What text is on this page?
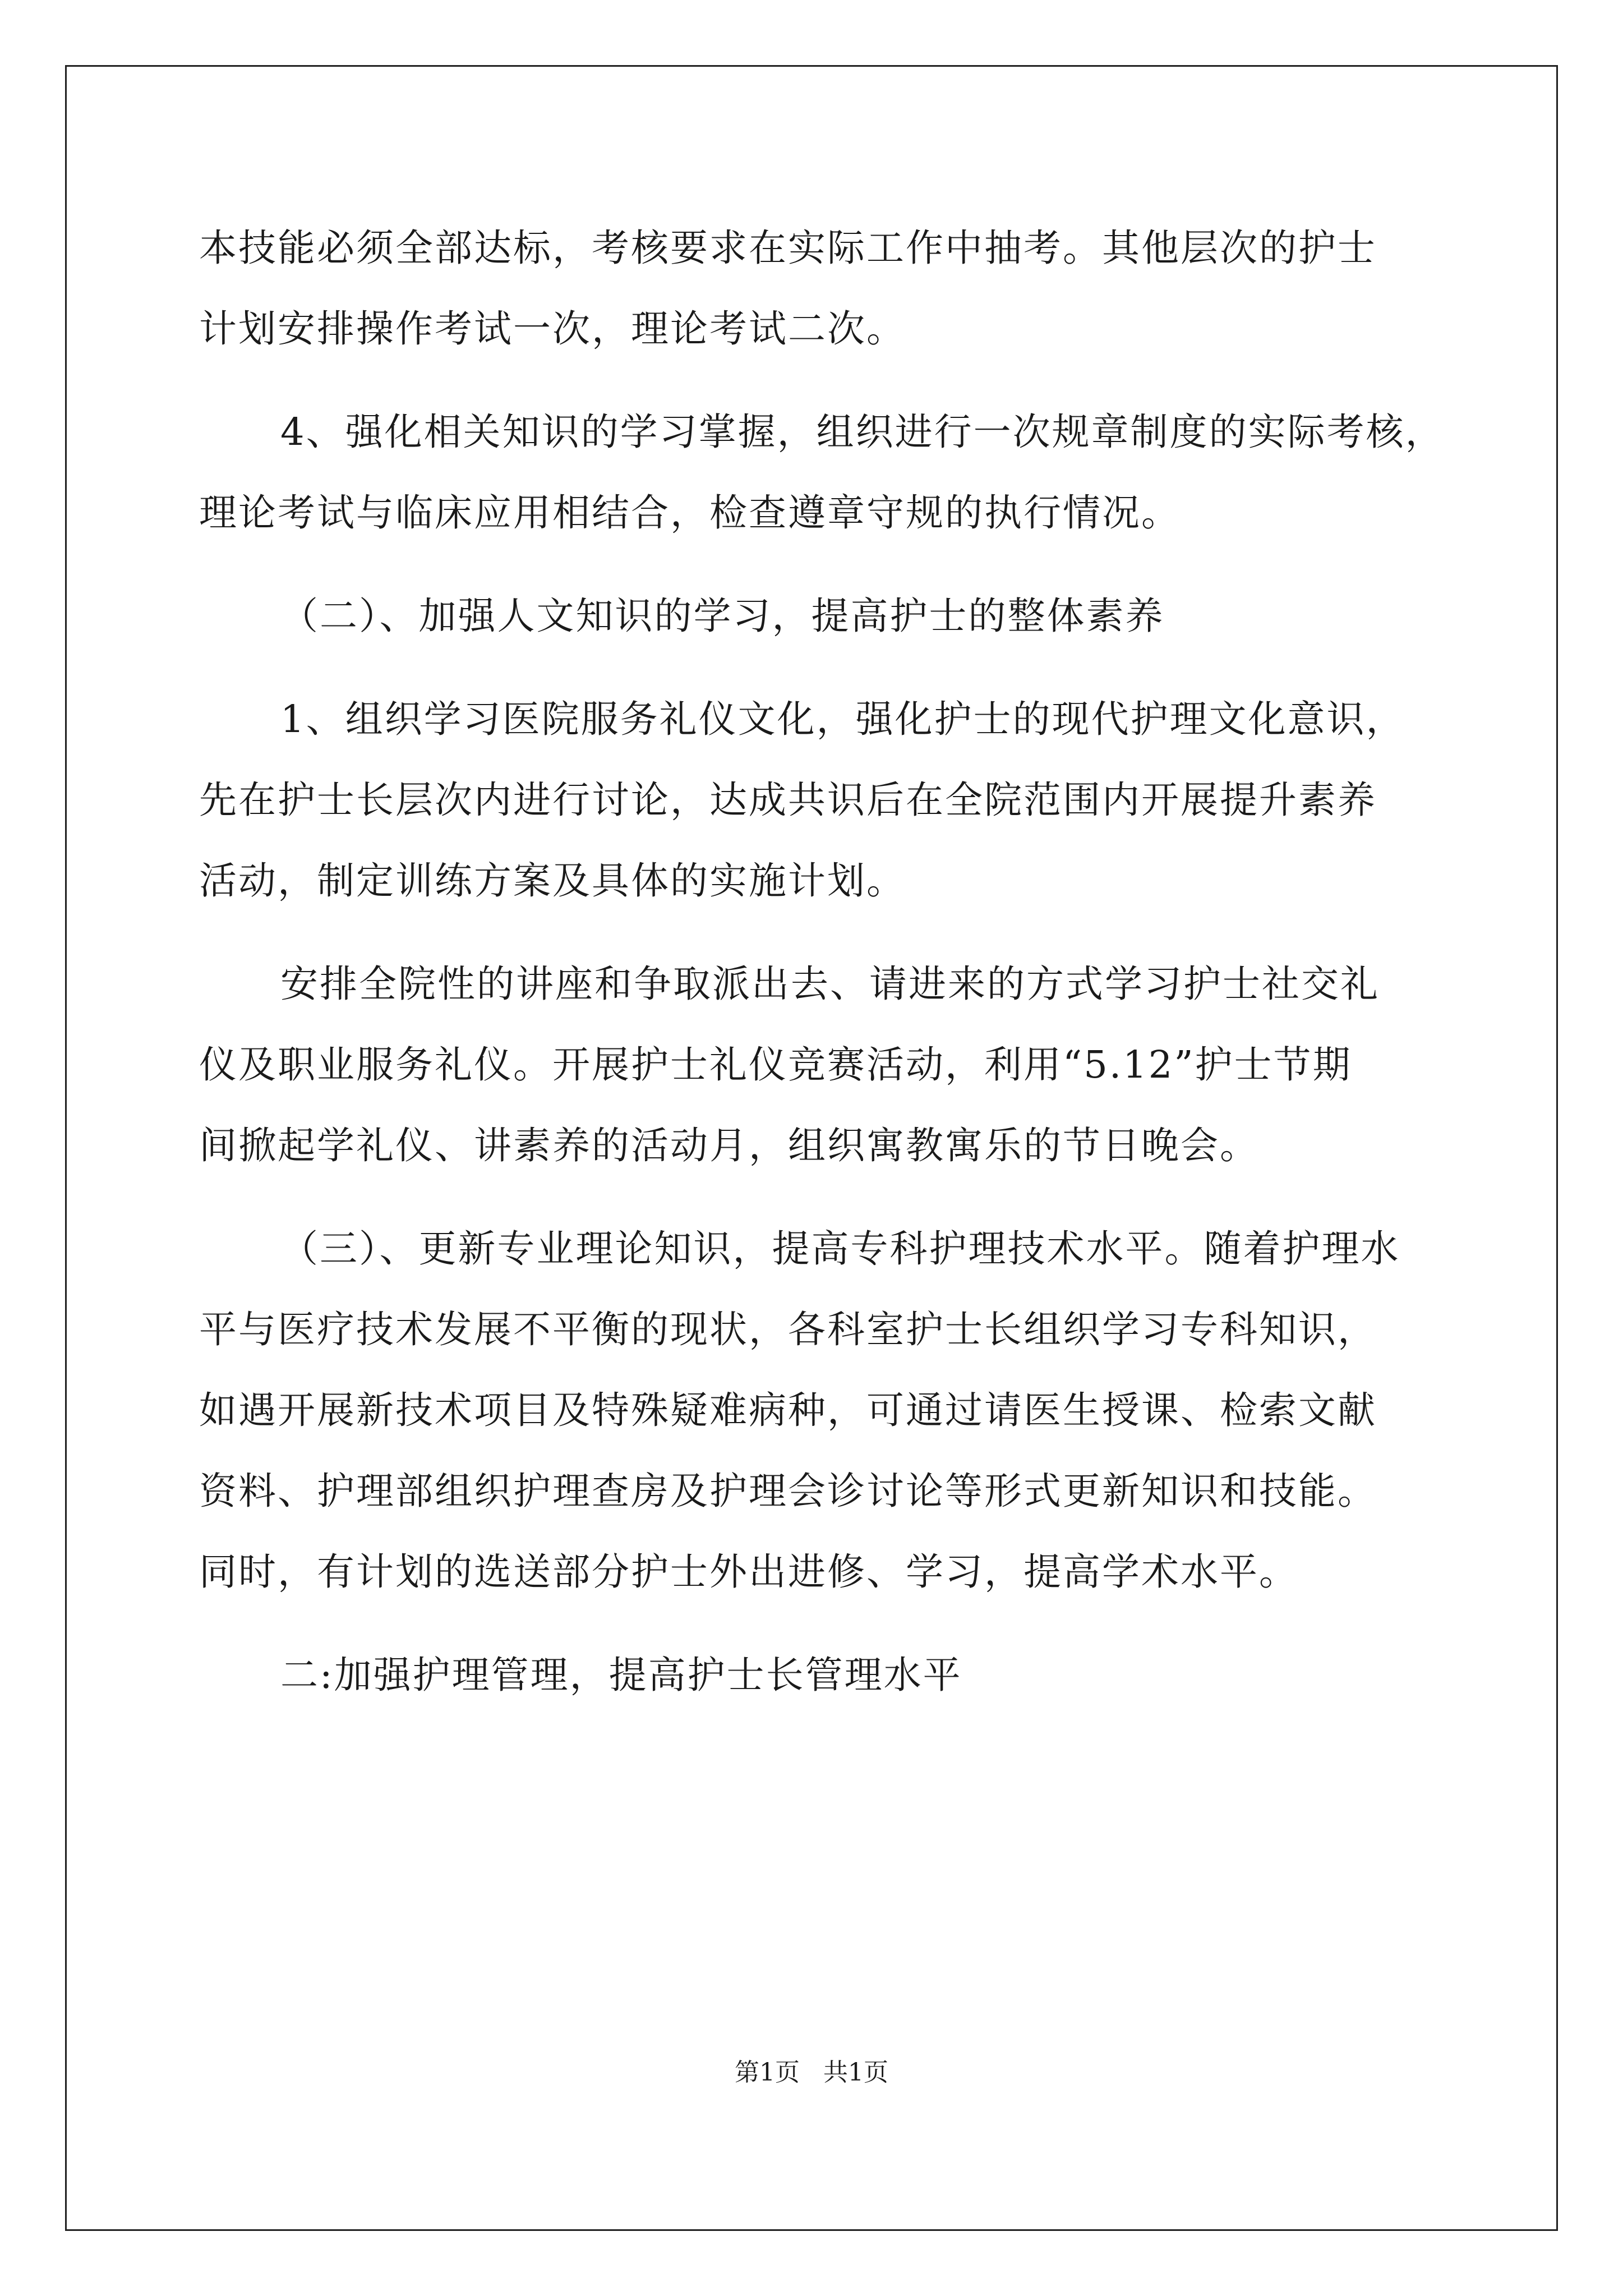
本技能必须全部达标，考核要求在实际工作中抽考。其他层次的护士
计划安排操作考试一次，理论考试二次。
4、强化相关知识的学习掌握，组织进行一次规章制度的实际考核，
理论考试与临床应用相结合，检查遵章守规的执行情况。
（二）、加强人文知识的学习，提高护士的整体素养
1、组织学习医院服务礼仪文化，强化护士的现代护理文化意识，
先在护士长层次内进行讨论，达成共识后在全院范围内开展提升素养
活动，制定训练方案及具体的实施计划。
安排全院性的讲座和争取派出去、请进来的方式学习护士社交礼
仪及职业服务礼仪。开展护士礼仪竞赛活动，利用“5.12”护士节期
间掀起学礼仪、讲素养的活动月，组织寓教寓乐的节日晚会。
（三）、更新专业理论知识，提高专科护理技术水平。随着护理水
平与医疗技术发展不平衡的现状，各科室护士长组织学习专科知识，
如遇开展新技术项目及特殊疑难病种，可通过请医生授课、检索文献
资料、护理部组织护理查房及护理会诊讨论等形式更新知识和技能。
同时，有计划的选送部分护士外出进修、学习，提高学术水平。
二:加强护理管理，提高护士长管理水平
第1页   共1页
